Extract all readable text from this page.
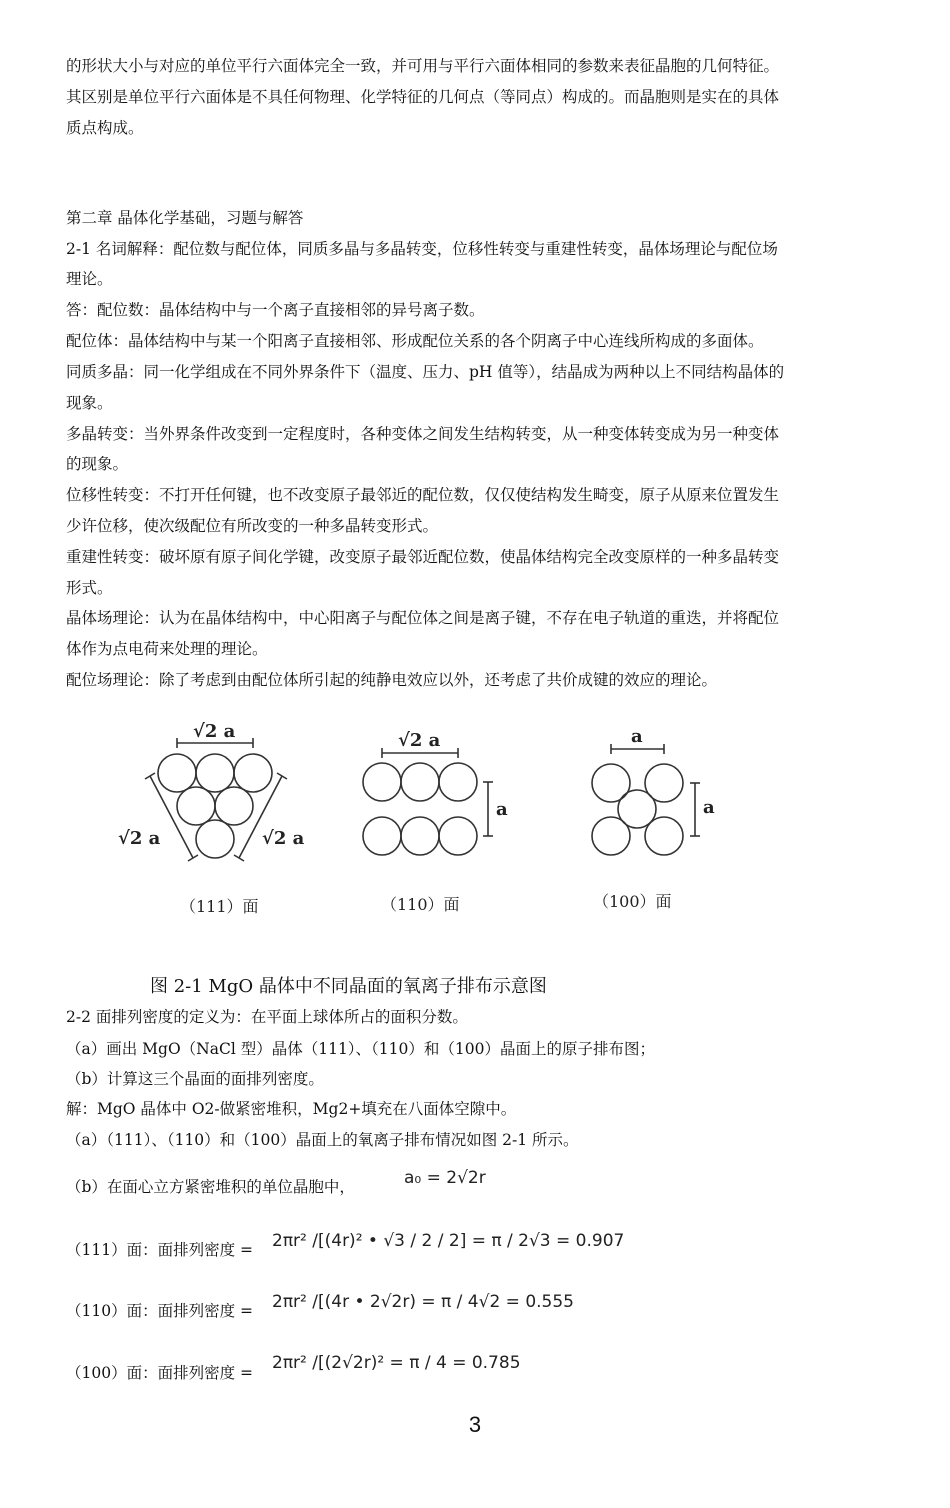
的形状大小与对应的单位平行六面体完全一致，并可用与平行六面体相同的参数来表征晶胞的几何特征。
其区别是单位平行六面体是不具任何物理、化学特征的几何点（等同点）构成的。而晶胞则是实在的具体
质点构成。
第二章 晶体化学基础，习题与解答
2-1 名词解释：配位数与配位体，同质多晶与多晶转变，位移性转变与重建性转变，晶体场理论与配位场
理论。
答：配位数：晶体结构中与一个离子直接相邻的异号离子数。
配位体：晶体结构中与某一个阳离子直接相邻、形成配位关系的各个阴离子中心连线所构成的多面体。
同质多晶：同一化学组成在不同外界条件下（温度、压力、pH 值等），结晶成为两种以上不同结构晶体的
现象。
多晶转变：当外界条件改变到一定程度时，各种变体之间发生结构转变，从一种变体转变成为另一种变体
的现象。
位移性转变：不打开任何键，也不改变原子最邻近的配位数，仅仅使结构发生畸变，原子从原来位置发生
少许位移，使次级配位有所改变的一种多晶转变形式。
重建性转变：破坏原有原子间化学键，改变原子最邻近配位数，使晶体结构完全改变原样的一种多晶转变
形式。
晶体场理论：认为在晶体结构中，中心阳离子与配位体之间是离子键，不存在电子轨道的重迭，并将配位
体作为点电荷来处理的理论。
配位场理论：除了考虑到由配位体所引起的纯静电效应以外，还考虑了共价成键的效应的理论。
√2 a
√2 a	√2 a
√2 a
a
a
a
（111）面	（110）面	（100）面
图 2-1 MgO 晶体中不同晶面的氧离子排布示意图
2-2 面排列密度的定义为：在平面上球体所占的面积分数。
（a）画出 MgO（NaCl 型）晶体（111）、（110）和（100）晶面上的原子排布图；
（b）计算这三个晶面的面排列密度。
解：MgO 晶体中 O2-做紧密堆积，Mg2+填充在八面体空隙中。
（a）（111）、（110）和（100）晶面上的氧离子排布情况如图 2-1 所示。
（b）在面心立方紧密堆积的单位晶胞中，	a₀ = 2√2r
（111）面：面排列密度 = 2πr² /[(4r)² • √3 / 2 / 2] = π / 2√3 = 0.907
（110）面：面排列密度 = 2πr² /[(4r • 2√2r) = π / 4√2 = 0.555
（100）面：面排列密度 = 2πr² /[(2√2r)² = π / 4 = 0.785
3
